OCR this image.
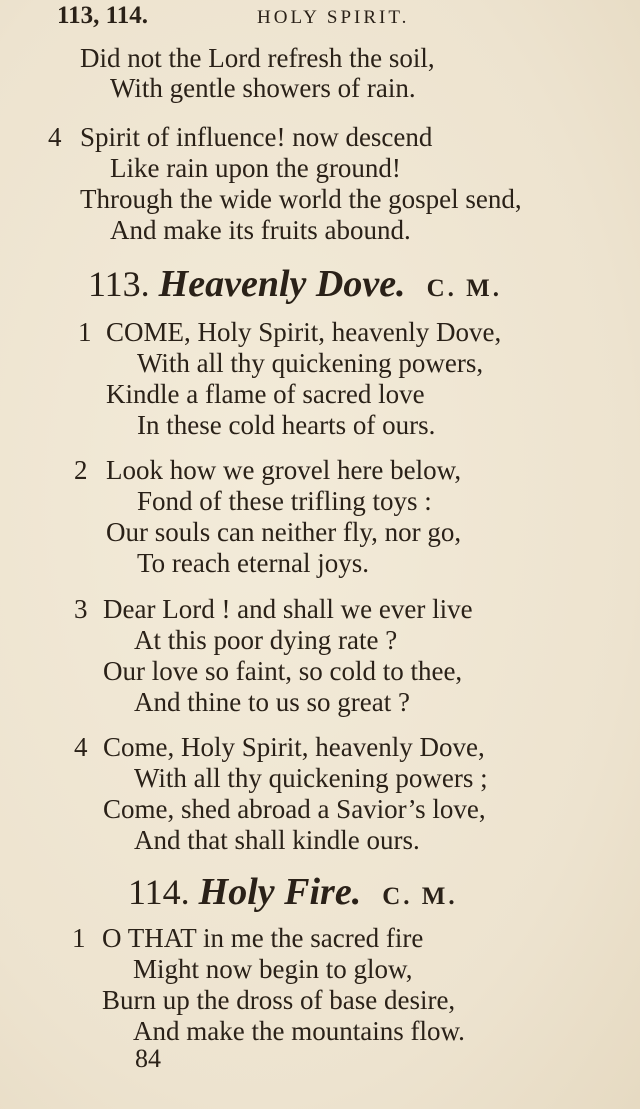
113, 114.	HOLY SPIRIT.
Did not the Lord refresh the soil,
With gentle showers of rain.
4 Spirit of influence! now descend
Like rain upon the ground!
Through the wide world the gospel send,
And make its fruits abound.
113. Heavenly Dove. C. M.
1 COME, Holy Spirit, heavenly Dove,
With all thy quickening powers,
Kindle a flame of sacred love
In these cold hearts of ours.
2 Look how we grovel here below,
Fond of these trifling toys :
Our souls can neither fly, nor go,
To reach eternal joys.
3 Dear Lord ! and shall we ever live
At this poor dying rate ?
Our love so faint, so cold to thee,
And thine to us so great ?
4 Come, Holy Spirit, heavenly Dove,
With all thy quickening powers ;
Come, shed abroad a Savior’s love,
And that shall kindle ours.
114. Holy Fire. C. M.
1 O THAT in me the sacred fire
Might now begin to glow,
Burn up the dross of base desire,
And make the mountains flow.
84
